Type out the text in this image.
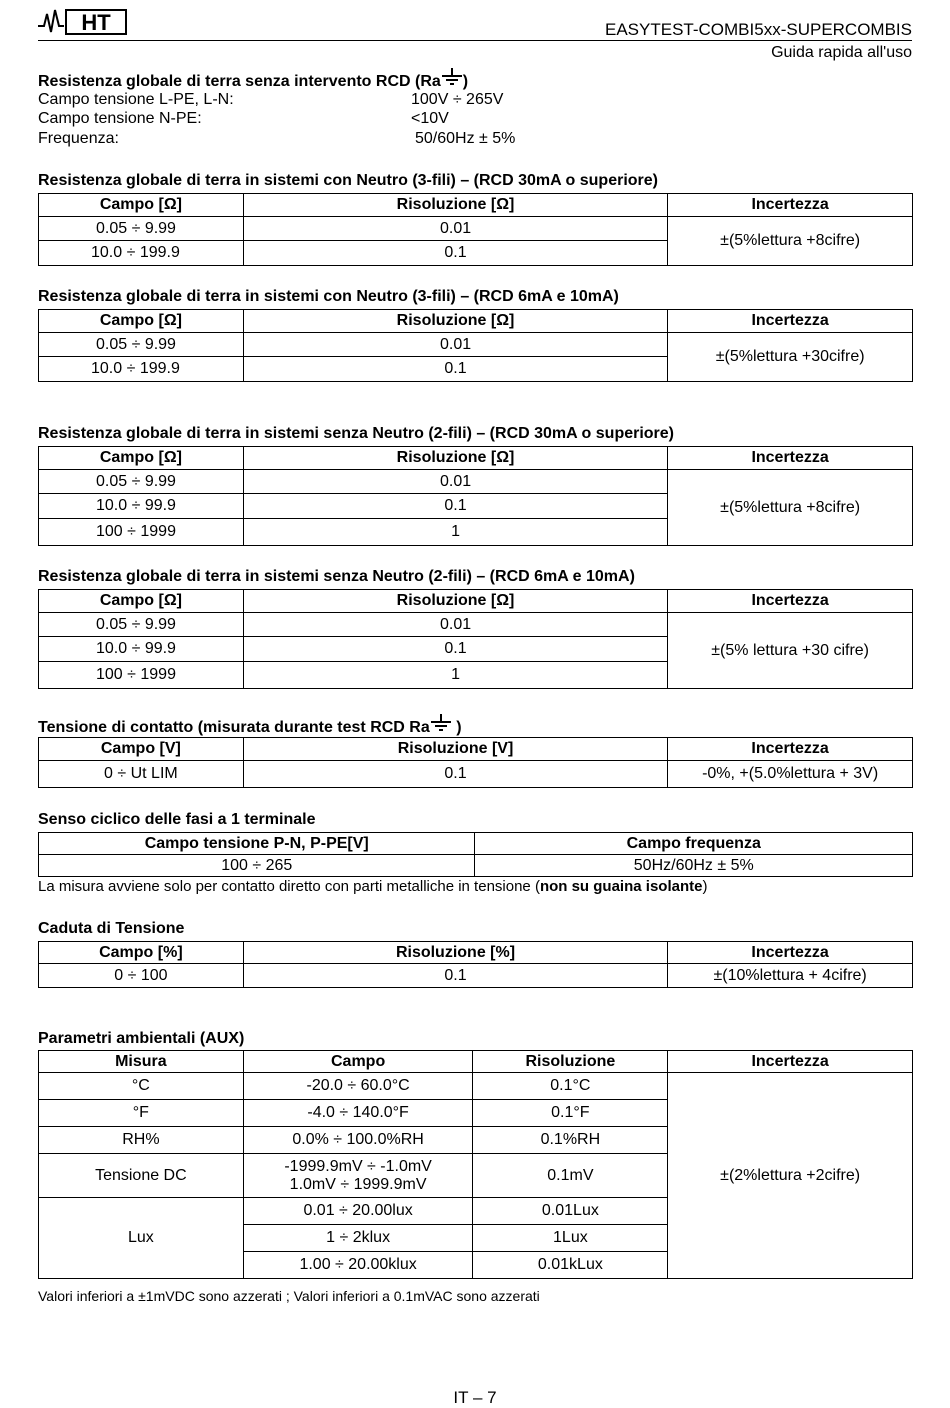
HT	EASYTEST-COMBI5xx-SUPERCOMBIS
Guida rapida all'uso
Resistenza globale di terra senza intervento RCD (Ra )
Campo tensione L-PE, L-N:	100V ÷ 265V
Campo tensione N-PE:	<10V
Frequenza:	50/60Hz ± 5%
Resistenza globale di terra in sistemi con Neutro (3-fili) – (RCD 30mA o superiore)
Campo [Ω]	Risoluzione [Ω]	Incertezza
0.05 ÷ 9.99	0.01	±(5%lettura +8cifre)
10.0 ÷ 199.9	0.1	
Resistenza globale di terra in sistemi con Neutro (3-fili) – (RCD 6mA e 10mA)
Campo [Ω]	Risoluzione [Ω]	Incertezza
0.05 ÷ 9.99	0.01	±(5%lettura +30cifre)
10.0 ÷ 199.9	0.1	
Resistenza globale di terra in sistemi senza Neutro (2-fili) – (RCD 30mA o superiore)
Campo [Ω]	Risoluzione [Ω]	Incertezza
0.05 ÷ 9.99	0.01	±(5%lettura +8cifre)
10.0 ÷ 99.9	0.1	
100 ÷ 1999	1	
Resistenza globale di terra in sistemi senza Neutro (2-fili) – (RCD 6mA e 10mA)
Campo [Ω]	Risoluzione [Ω]	Incertezza
0.05 ÷ 9.99	0.01	±(5% lettura +30 cifre)
10.0 ÷ 99.9	0.1	
100 ÷ 1999	1	
Tensione di contatto (misurata durante test RCD Ra )
Campo [V]	Risoluzione [V]	Incertezza
0 ÷ Ut LIM	0.1	-0%, +(5.0%lettura + 3V)
Senso ciclico delle fasi a 1 terminale
Campo tensione P-N, P-PE[V]	Campo frequenza
100 ÷ 265	50Hz/60Hz ± 5%
La misura avviene solo per contatto diretto con parti metalliche in tensione (non su guaina isolante)
Caduta di Tensione
Campo [%]	Risoluzione [%]	Incertezza
0 ÷ 100	0.1	±(10%lettura + 4cifre)
Parametri ambientali (AUX)
Misura	Campo	Risoluzione	Incertezza
°C	-20.0 ÷ 60.0°C	0.1°C	±(2%lettura +2cifre)
°F	-4.0 ÷ 140.0°F	0.1°F	
RH%	0.0% ÷ 100.0%RH	0.1%RH	
Tensione DC	-1999.9mV ÷ -1.0mV
1.0mV ÷ 1999.9mV	0.1mV	
Lux	0.01 ÷ 20.00lux	0.01Lux	
	1 ÷ 2klux	1Lux	
	1.00 ÷ 20.00klux	0.01kLux	
Valori inferiori a ±1mVDC sono azzerati ; Valori inferiori a 0.1mVAC sono azzerati
IT – 7
